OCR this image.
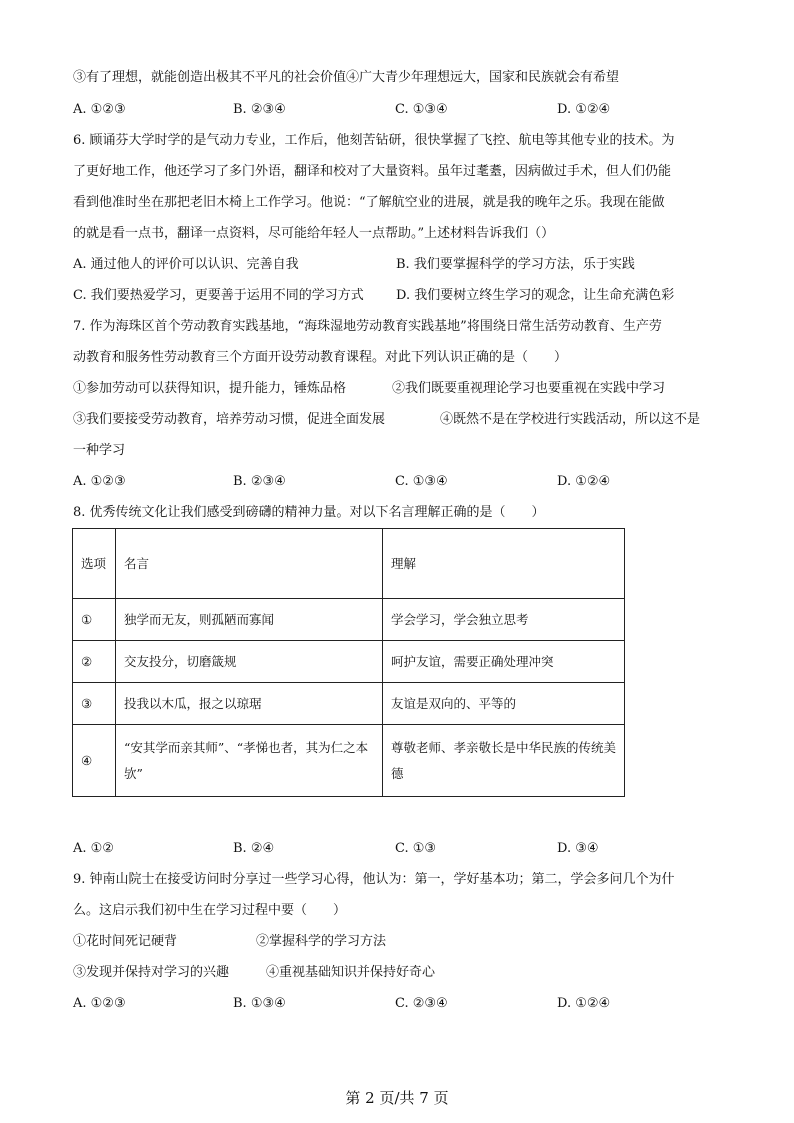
③有了理想，就能创造出极其不平凡的社会价值④广大青少年理想远大，国家和民族就会有希望
A. ①②③	B. ②③④	C. ①③④	D. ①②④
6. 顾诵芬大学时学的是气动力专业，工作后，他刻苦钻研，很快掌握了飞控、航电等其他专业的技术。为
了更好地工作，他还学习了多门外语，翻译和校对了大量资料。虽年过耄耋，因病做过手术，但人们仍能
看到他准时坐在那把老旧木椅上工作学习。他说：“了解航空业的进展，就是我的晚年之乐。我现在能做
的就是看一点书，翻译一点资料，尽可能给年轻人一点帮助。”上述材料告诉我们（）
A. 通过他人的评价可以认识、完善自我	B. 我们要掌握科学的学习方法，乐于实践
C. 我们要热爱学习，更要善于运用不同的学习方式 D. 我们要树立终生学习的观念，让生命充满色彩
7. 作为海珠区首个劳动教育实践基地，“海珠湿地劳动教育实践基地”将围绕日常生活劳动教育、生产劳
动教育和服务性劳动教育三个方面开设劳动教育课程。对此下列认识正确的是（　　）
①参加劳动可以获得知识，提升能力，锤炼品格	②我们既要重视理论学习也要重视在实践中学习
③我们要接受劳动教育，培养劳动习惯，促进全面发展	④既然不是在学校进行实践活动，所以这不是
一种学习
A. ①②③	B. ②③④	C. ①③④	D. ①②④
8. 优秀传统文化让我们感受到磅礴的精神力量。对以下名言理解正确的是（　　）
选项	名言	理解
①	独学而无友，则孤陋而寡闻	学会学习，学会独立思考
②	交友投分，切磨箴规	呵护友谊，需要正确处理冲突
③	投我以木瓜，报之以琼琚	友谊是双向的、平等的
④	“安其学而亲其师”、“孝悌也者，其为仁之本欤”	尊敬老师、孝亲敬长是中华民族的传统美德
A. ①②	B. ②④	C. ①③	D. ③④
9. 钟南山院士在接受访问时分享过一些学习心得，他认为：第一，学好基本功；第二，学会多问几个为什
么。这启示我们初中生在学习过程中要（　　）
①花时间死记硬背	②掌握科学的学习方法
③发现并保持对学习的兴趣	④重视基础知识并保持好奇心
A. ①②③	B. ①③④	C. ②③④	D. ①②④
第 2 页/共 7 页
